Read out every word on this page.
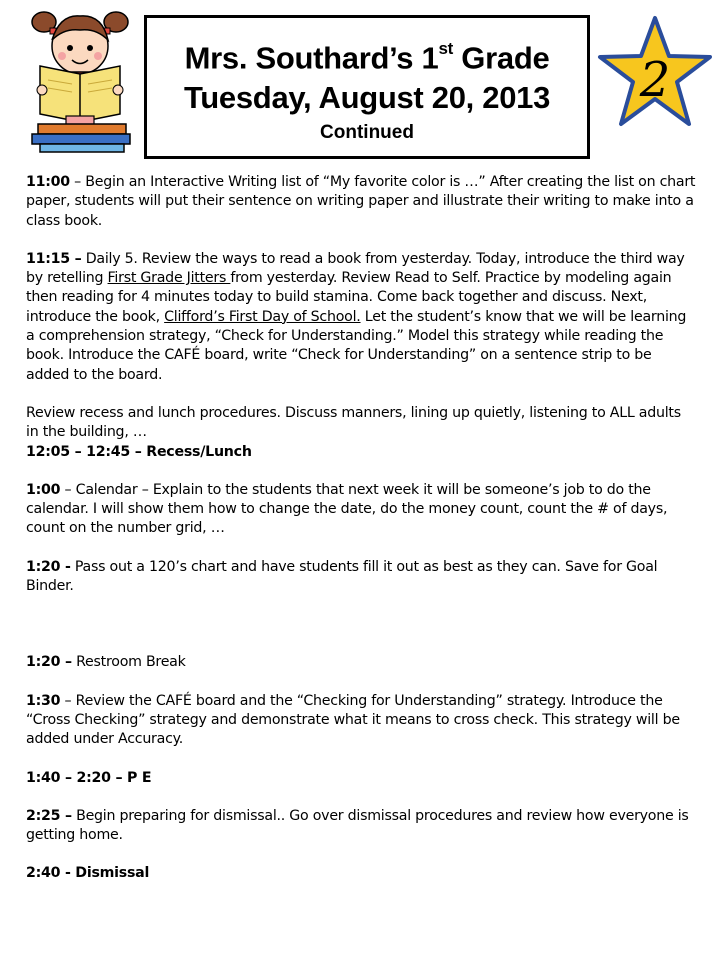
Mrs. Southard’s 1st Grade
Tuesday, August 20, 2013
Continued
2

11:00 – Begin an Interactive Writing list of “My favorite color is …” After creating the list on chart paper, students will put their sentence on writing paper and illustrate their writing to make into a class book.

11:15 – Daily 5. Review the ways to read a book from yesterday. Today, introduce the third way by retelling First Grade Jitters from yesterday. Review Read to Self. Practice by modeling again then reading for 4 minutes today to build stamina. Come back together and discuss. Next, introduce the book, Clifford’s First Day of School. Let the student’s know that we will be learning a comprehension strategy, “Check for Understanding.” Model this strategy while reading the book. Introduce the CAFÉ board, write “Check for Understanding” on a sentence strip to be added to the board.

Review recess and lunch procedures. Discuss manners, lining up quietly, listening to ALL adults in the building, …

12:05 – 12:45 – Recess/Lunch

1:00 – Calendar – Explain to the students that next week it will be someone’s job to do the calendar. I will show them how to change the date, do the money count, count the # of days, count on the number grid, …

1:20 - Pass out a 120’s chart and have students fill it out as best as they can. Save for Goal Binder.

1:20 – Restroom Break

1:30 – Review the CAFÉ board and the “Checking for Understanding” strategy. Introduce the “Cross Checking” strategy and demonstrate what it means to cross check. This strategy will be added under Accuracy.

1:40 – 2:20 – P E

2:25 – Begin preparing for dismissal.. Go over dismissal procedures and review how everyone is getting home.

2:40 - Dismissal
